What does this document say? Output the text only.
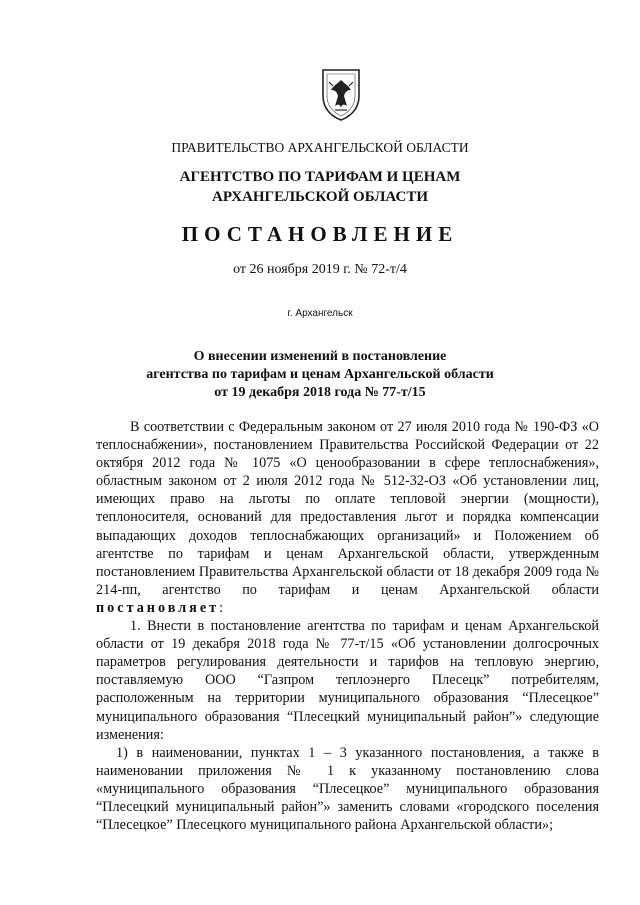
ПРАВИТЕЛЬСТВО АРХАНГЕЛЬСКОЙ ОБЛАСТИ
АГЕНТСТВО ПО ТАРИФАМ И ЦЕНАМ
АРХАНГЕЛЬСКОЙ ОБЛАСТИ
ПОСТАНОВЛЕНИЕ
от 26 ноября 2019 г. № 72-т/4
г. Архангельск
О внесении изменений в постановление
агентства по тарифам и ценам Архангельской области
от 19 декабря 2018 года № 77-т/15

В соответствии с Федеральным законом от 27 июля 2010 года № 190-ФЗ «О теплоснабжении», постановлением Правительства Российской Федерации от 22 октября 2012 года № 1075 «О ценообразовании в сфере теплоснабжения», областным законом от 2 июля 2012 года № 512-32-ОЗ «Об установлении лиц, имеющих право на льготы по оплате тепловой энергии (мощности), теплоносителя, оснований для предоставления льгот и порядка компенсации выпадающих доходов теплоснабжающих организаций» и Положением об агентстве по тарифам и ценам Архангельской области, утвержденным постановлением Правительства Архангельской области от 18 декабря 2009 года № 214-пп, агентство по тарифам и ценам Архангельской области постановляет:

1. Внести в постановление агентства по тарифам и ценам Архангельской области от 19 декабря 2018 года № 77-т/15 «Об установлении долгосрочных параметров регулирования деятельности и тарифов на тепловую энергию, поставляемую ООО “Газпром теплоэнерго Плесецк” потребителям, расположенным на территории муниципального образования “Плесецкое” муниципального образования “Плесецкий муниципальный район”» следующие изменения:

1) в наименовании, пунктах 1 – 3 указанного постановления, а также в наименовании приложения № 1 к указанному постановлению слова «муниципального образования “Плесецкое” муниципального образования “Плесецкий муниципальный район”» заменить словами «городского поселения “Плесецкое” Плесецкого муниципального района Архангельской области»;
